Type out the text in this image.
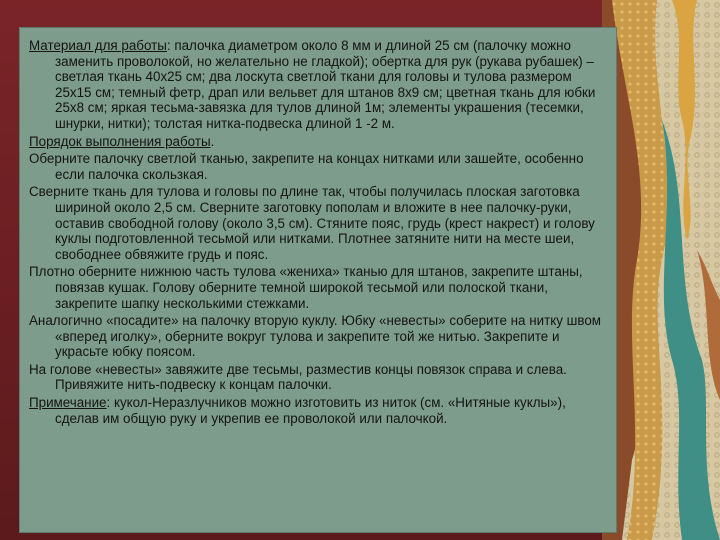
Материал для работы: палочка диаметром около 8 мм и длиной 25 см (палочку можно заменить проволокой, но желательно не гладкой); обертка для рук (рукава рубашек) – светлая ткань 40х25 см; два лоскута светлой ткани для головы и тулова размером 25х15 см; темный фетр, драп или вельвет для штанов 8х9 см; цветная ткань для юбки 25х8 см; яркая тесьма-завязка для тулов длиной 1м; элементы украшения (тесемки, шнурки, нитки); толстая нитка-подвеска длиной 1 -2 м.

Порядок выполнения работы.

Оберните палочку светлой тканью, закрепите на концах нитками или зашейте, особенно если палочка скользкая.

Сверните ткань для тулова и головы по длине так, чтобы получилась плоская заготовка шириной около 2,5 см. Сверните заготовку пополам и вложите в нее палочку-руки, оставив свободной голову (около 3,5 см). Стяните пояс, грудь (крест накрест) и голову куклы подготовленной тесьмой или нитками. Плотнее затяните нити на месте шеи, свободнее обвяжите грудь и пояс.

Плотно оберните нижнюю часть тулова «жениха» тканью для штанов, закрепите штаны, повязав кушак. Голову оберните темной широкой тесьмой или полоской ткани, закрепите шапку несколькими стежками.

Аналогично «посадите» на палочку вторую куклу. Юбку «невесты» соберите на нитку швом «вперед иголку», оберните вокруг тулова и закрепите той же нитью. Закрепите и украсьте юбку поясом.

На голове «невесты» завяжите две тесьмы, разместив концы повязок справа и слева. Привяжите нить-подвеску к концам палочки.

Примечание: кукол-Неразлучников можно изготовить из ниток (см. «Нитяные куклы»), сделав им общую руку и укрепив ее проволокой или палочкой.
